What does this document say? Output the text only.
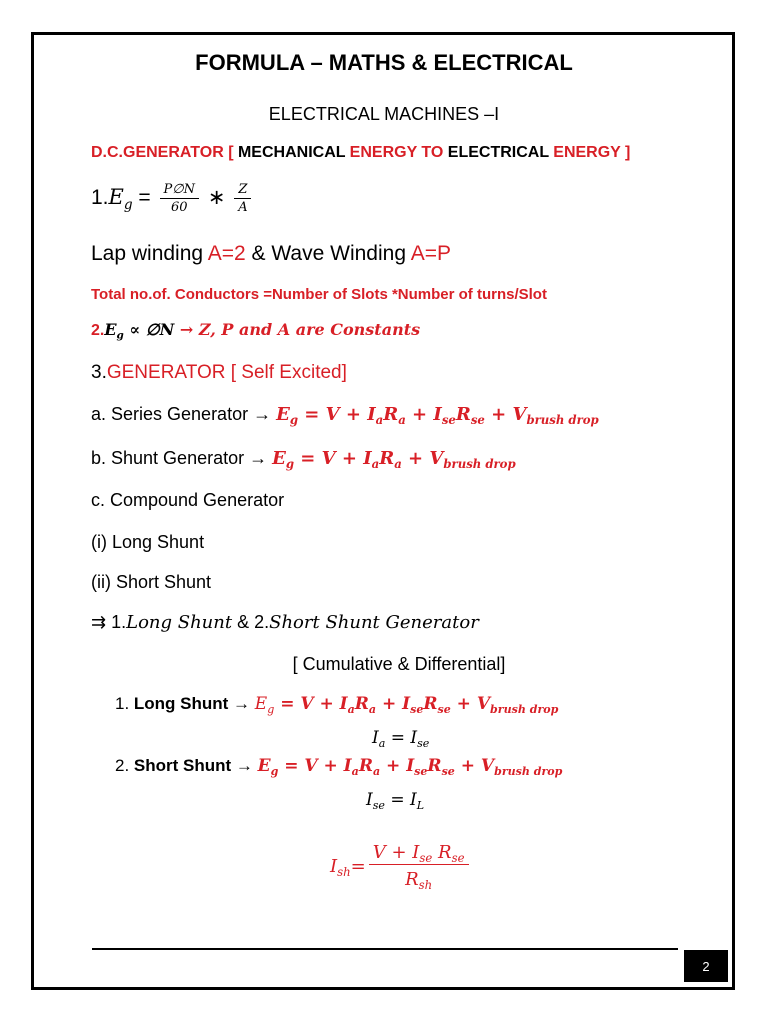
FORMULA – MATHS & ELECTRICAL
ELECTRICAL MACHINES –I
D.C.GENERATOR [ MECHANICAL ENERGY TO ELECTRICAL ENERGY ]
$1.E_g = \frac{P\emptyset N}{60}$ ∗ $\frac{Z}{A}$
Lap winding A=2 & Wave Winding A=P
Total no.of. Conductors =Number of Slots *Number of turns/Slot
$2.E_g$ ∝ ∅N → Z, P and A are Constants
3.GENERATOR [ Self Excited]
a. Series Generator → $E_g = V + I_aR_a + I_{se}R_{se} + V_{brush drop}$
b. Shunt Generator → $E_g = V + I_aR_a + V_{brush drop}$
c. Compound Generator
(i) Long Shunt
(ii) Short Shunt
⇉ 1.Long Shunt & 2.Short Shunt Generator
[ Cumulative & Differential]
1. Long Shunt → $E_g = V + I_aR_a + I_{se}R_{se} + V_{brush drop}$
$I_a = I_{se}$
2. Short Shunt → $E_g = V + I_aR_a + I_{se}R_{se} + V_{brush drop}$
$I_{se} = I_L$
$I_{sh} = \frac{V + I_{se} R_{se}}{R_{sh}}$
2
